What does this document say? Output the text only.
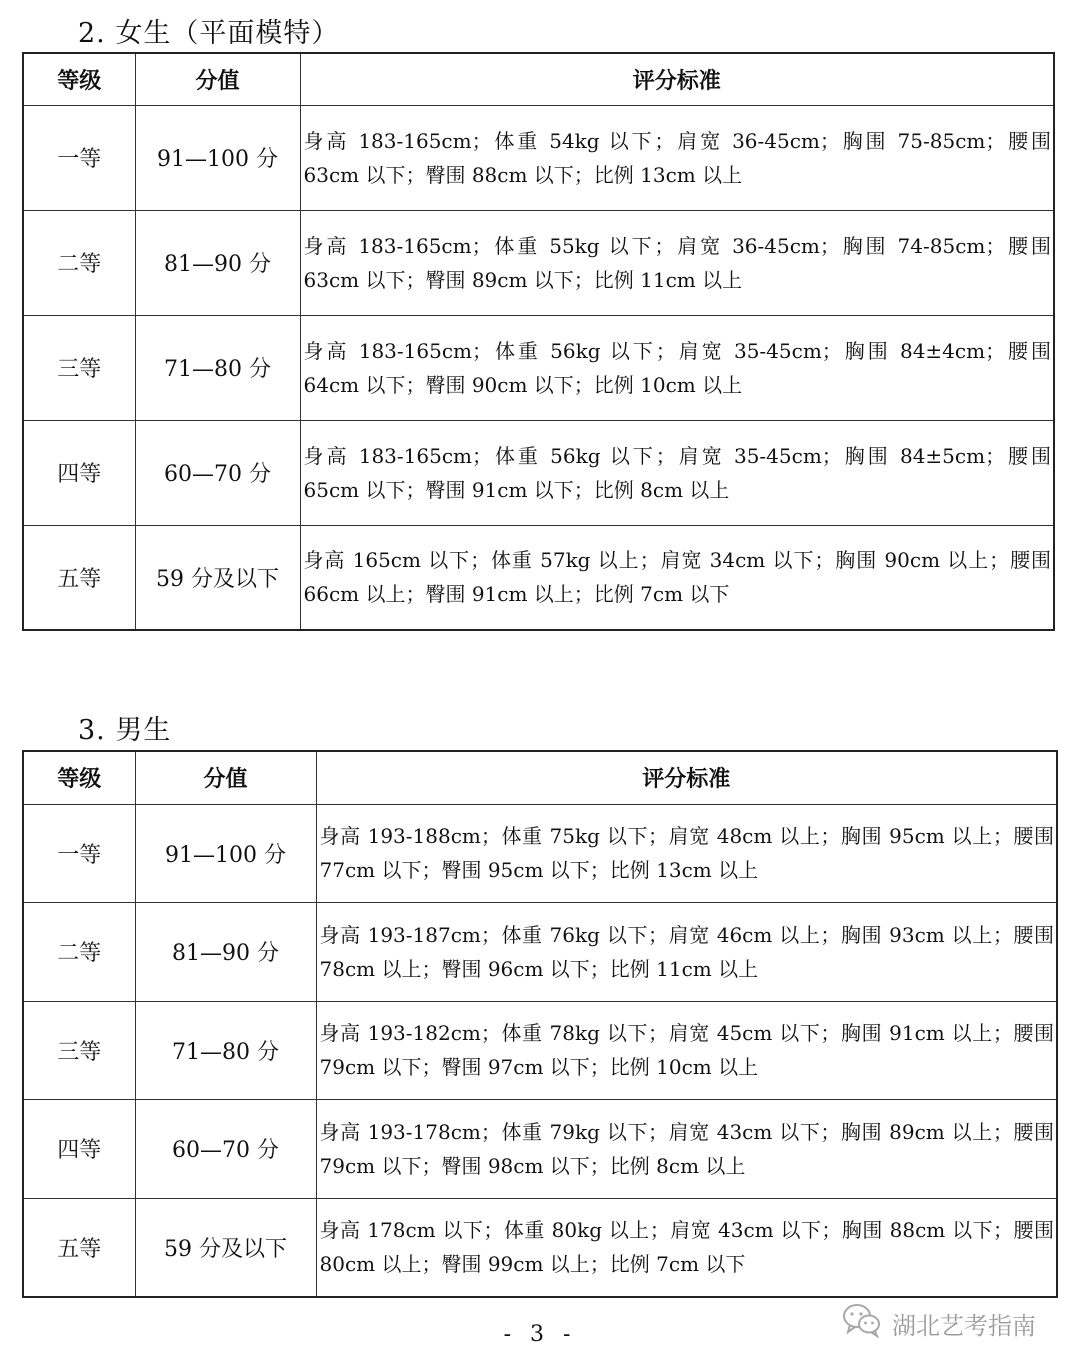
2. 女生（平面模特）
等级	分值	评分标准
一等	91—100 分	身高 183-165cm；体重 54kg 以下；肩宽 36-45cm；胸围 75-85cm；腰围 63cm 以下；臀围 88cm 以下；比例 13cm 以上
二等	81—90 分	身高 183-165cm；体重 55kg 以下；肩宽 36-45cm；胸围 74-85cm；腰围 63cm 以下；臀围 89cm 以下；比例 11cm 以上
三等	71—80 分	身高 183-165cm；体重 56kg 以下；肩宽 35-45cm；胸围 84±4cm；腰围 64cm 以下；臀围 90cm 以下；比例 10cm 以上
四等	60—70 分	身高 183-165cm；体重 56kg 以下；肩宽 35-45cm；胸围 84±5cm；腰围 65cm 以下；臀围 91cm 以下；比例 8cm 以上
五等	59 分及以下	身高 165cm 以下；体重 57kg 以上；肩宽 34cm 以下；胸围 90cm 以上；腰围 66cm 以上；臀围 91cm 以上；比例 7cm 以下
3. 男生
等级	分值	评分标准
一等	91—100 分	身高 193-188cm；体重 75kg 以下；肩宽 48cm 以上；胸围 95cm 以上；腰围 77cm 以下；臀围 95cm 以下；比例 13cm 以上
二等	81—90 分	身高 193-187cm；体重 76kg 以下；肩宽 46cm 以上；胸围 93cm 以上；腰围 78cm 以上；臀围 96cm 以下；比例 11cm 以上
三等	71—80 分	身高 193-182cm；体重 78kg 以下；肩宽 45cm 以下；胸围 91cm 以上；腰围 79cm 以下；臀围 97cm 以下；比例 10cm 以上
四等	60—70 分	身高 193-178cm；体重 79kg 以下；肩宽 43cm 以下；胸围 89cm 以上；腰围 79cm 以下；臀围 98cm 以下；比例 8cm 以上
五等	59 分及以下	身高 178cm 以下；体重 80kg 以上；肩宽 43cm 以下；胸围 88cm 以下；腰围 80cm 以上；臀围 99cm 以上；比例 7cm 以下
- 3 -	湖北艺考指南
